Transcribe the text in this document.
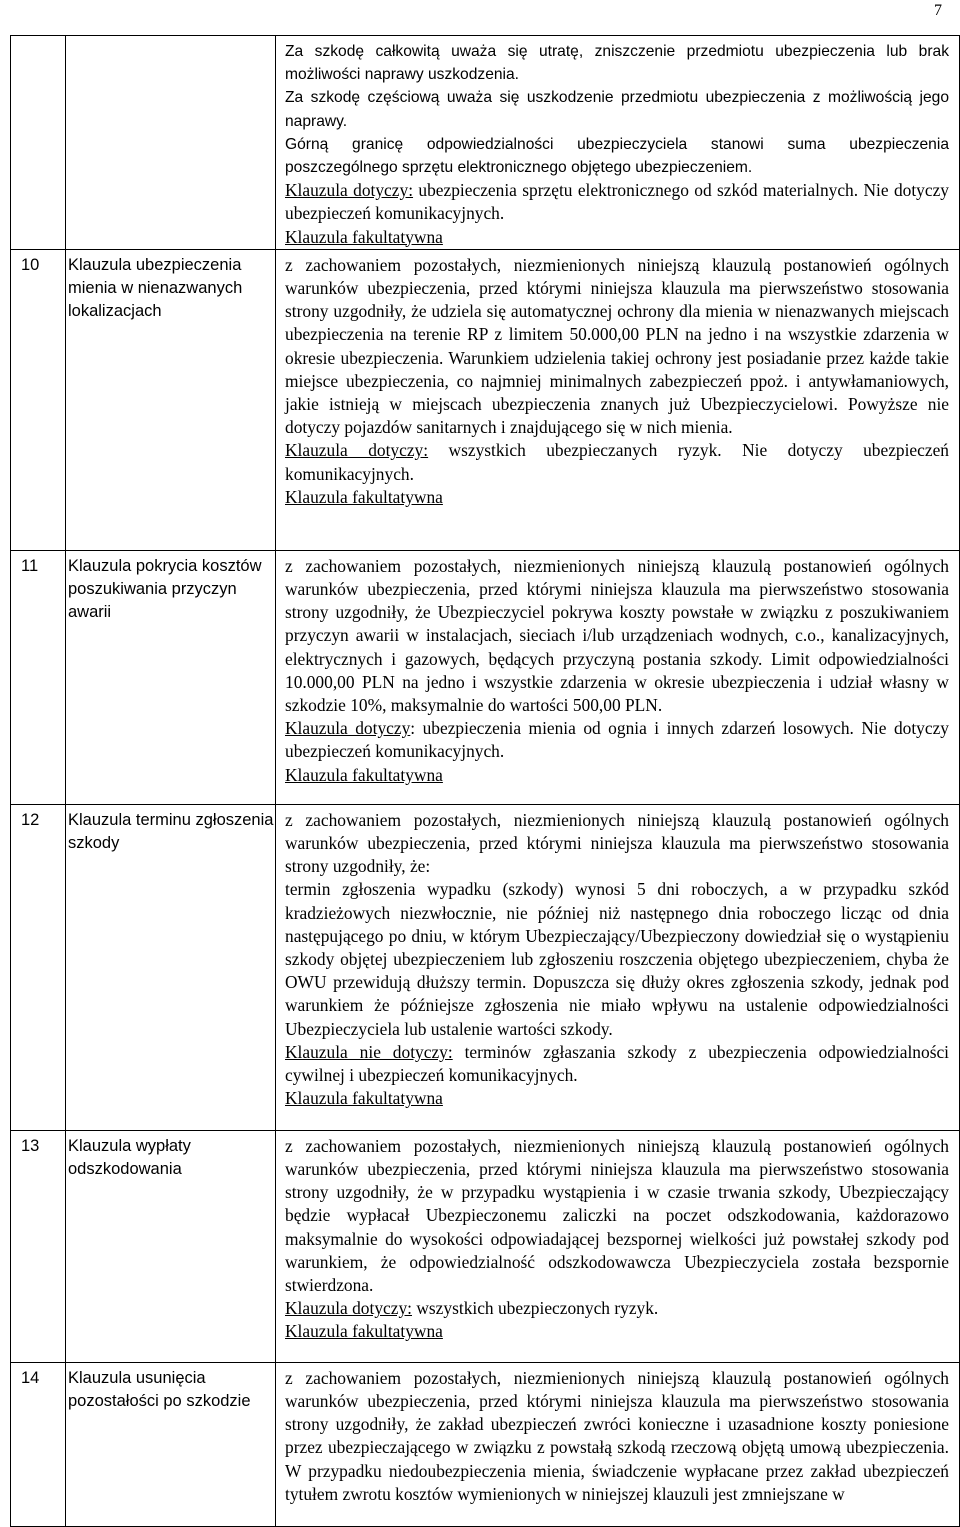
7

		Za szkodę całkowitą uważa się utratę, zniszczenie przedmiotu ubezpieczenia lub brak możliwości naprawy uszkodzenia.

Za szkodę częściową uważa się uszkodzenie przedmiotu ubezpieczenia z możliwością jego naprawy.

Górną granicę odpowiedzialności ubezpieczyciela stanowi suma ubezpieczenia poszczególnego sprzętu elektronicznego objętego ubezpieczeniem.

Klauzula dotyczy: ubezpieczenia sprzętu elektronicznego od szkód materialnych. Nie dotyczy ubezpieczeń komunikacyjnych.

Klauzula fakultatywna

10	Klauzula ubezpieczenia mienia w nienazwanych lokalizacjach	z zachowaniem pozostałych, niezmienionych niniejszą klauzulą postanowień ogólnych warunków ubezpieczenia, przed którymi niniejsza klauzula ma pierwszeństwo stosowania strony uzgodniły, że udziela się automatycznej ochrony dla mienia w nienazwanych miejscach ubezpieczenia na terenie RP z limitem 50.000,00 PLN na jedno i na wszystkie zdarzenia w okresie ubezpieczenia. Warunkiem udzielenia takiej ochrony jest posiadanie przez każde takie miejsce ubezpieczenia, co najmniej minimalnych zabezpieczeń ppoż. i antywłamaniowych, jakie istnieją w miejscach ubezpieczenia znanych już Ubezpieczycielowi. Powyższe nie dotyczy pojazdów sanitarnych i znajdującego się w nich mienia.

Klauzula dotyczy: wszystkich ubezpieczanych ryzyk. Nie dotyczy ubezpieczeń komunikacyjnych.

Klauzula fakultatywna

11	Klauzula pokrycia kosztów poszukiwania przyczyn awarii	z zachowaniem pozostałych, niezmienionych niniejszą klauzulą postanowień ogólnych warunków ubezpieczenia, przed którymi niniejsza klauzula ma pierwszeństwo stosowania strony uzgodniły, że Ubezpieczyciel pokrywa koszty powstałe w związku z poszukiwaniem przyczyn awarii w instalacjach, sieciach i/lub urządzeniach wodnych, c.o., kanalizacyjnych, elektrycznych i gazowych, będących przyczyną postania szkody. Limit odpowiedzialności 10.000,00 PLN na jedno i wszystkie zdarzenia w okresie ubezpieczenia i udział własny w szkodzie 10%, maksymalnie do wartości 500,00 PLN.

Klauzula dotyczy: ubezpieczenia mienia od ognia i innych zdarzeń losowych. Nie dotyczy ubezpieczeń komunikacyjnych.

Klauzula fakultatywna

12	Klauzula terminu zgłoszenia szkody	z zachowaniem pozostałych, niezmienionych niniejszą klauzulą postanowień ogólnych warunków ubezpieczenia, przed którymi niniejsza klauzula ma pierwszeństwo stosowania strony uzgodniły, że:

termin zgłoszenia wypadku (szkody) wynosi 5 dni roboczych, a w przypadku szkód kradzieżowych niezwłocznie, nie później niż następnego dnia roboczego licząc od dnia następującego po dniu, w którym Ubezpieczający/Ubezpieczony dowiedział się o wystąpieniu szkody objętej ubezpieczeniem lub zgłoszeniu roszczenia objętego ubezpieczeniem, chyba że OWU przewidują dłuższy termin. Dopuszcza się dłuży okres zgłoszenia szkody, jednak pod warunkiem że późniejsze zgłoszenia nie miało wpływu na ustalenie odpowiedzialności Ubezpieczyciela lub ustalenie wartości szkody.

Klauzula nie dotyczy: terminów zgłaszania szkody z ubezpieczenia odpowiedzialności cywilnej i ubezpieczeń komunikacyjnych.

Klauzula fakultatywna

13	Klauzula wypłaty odszkodowania	z zachowaniem pozostałych, niezmienionych niniejszą klauzulą postanowień ogólnych warunków ubezpieczenia, przed którymi niniejsza klauzula ma pierwszeństwo stosowania strony uzgodniły, że w przypadku wystąpienia i w czasie trwania szkody, Ubezpieczający będzie wypłacał Ubezpieczonemu zaliczki na poczet odszkodowania, każdorazowo maksymalnie do wysokości odpowiadającej bezspornej wielkości już powstałej szkody pod warunkiem, że odpowiedzialność odszkodowawcza Ubezpieczyciela została bezspornie stwierdzona.

Klauzula dotyczy: wszystkich ubezpieczonych ryzyk.

Klauzula fakultatywna

14	Klauzula usunięcia pozostałości po szkodzie	z zachowaniem pozostałych, niezmienionych niniejszą klauzulą postanowień ogólnych warunków ubezpieczenia, przed którymi niniejsza klauzula ma pierwszeństwo stosowania strony uzgodniły, że zakład ubezpieczeń zwróci konieczne i uzasadnione koszty poniesione przez ubezpieczającego w związku z powstałą szkodą rzeczową objętą umową ubezpieczenia. W przypadku niedoubezpieczenia mienia, świadczenie wypłacane przez zakład ubezpieczeń tytułem zwrotu kosztów wymienionych w niniejszej klauzuli jest zmniejszane w
